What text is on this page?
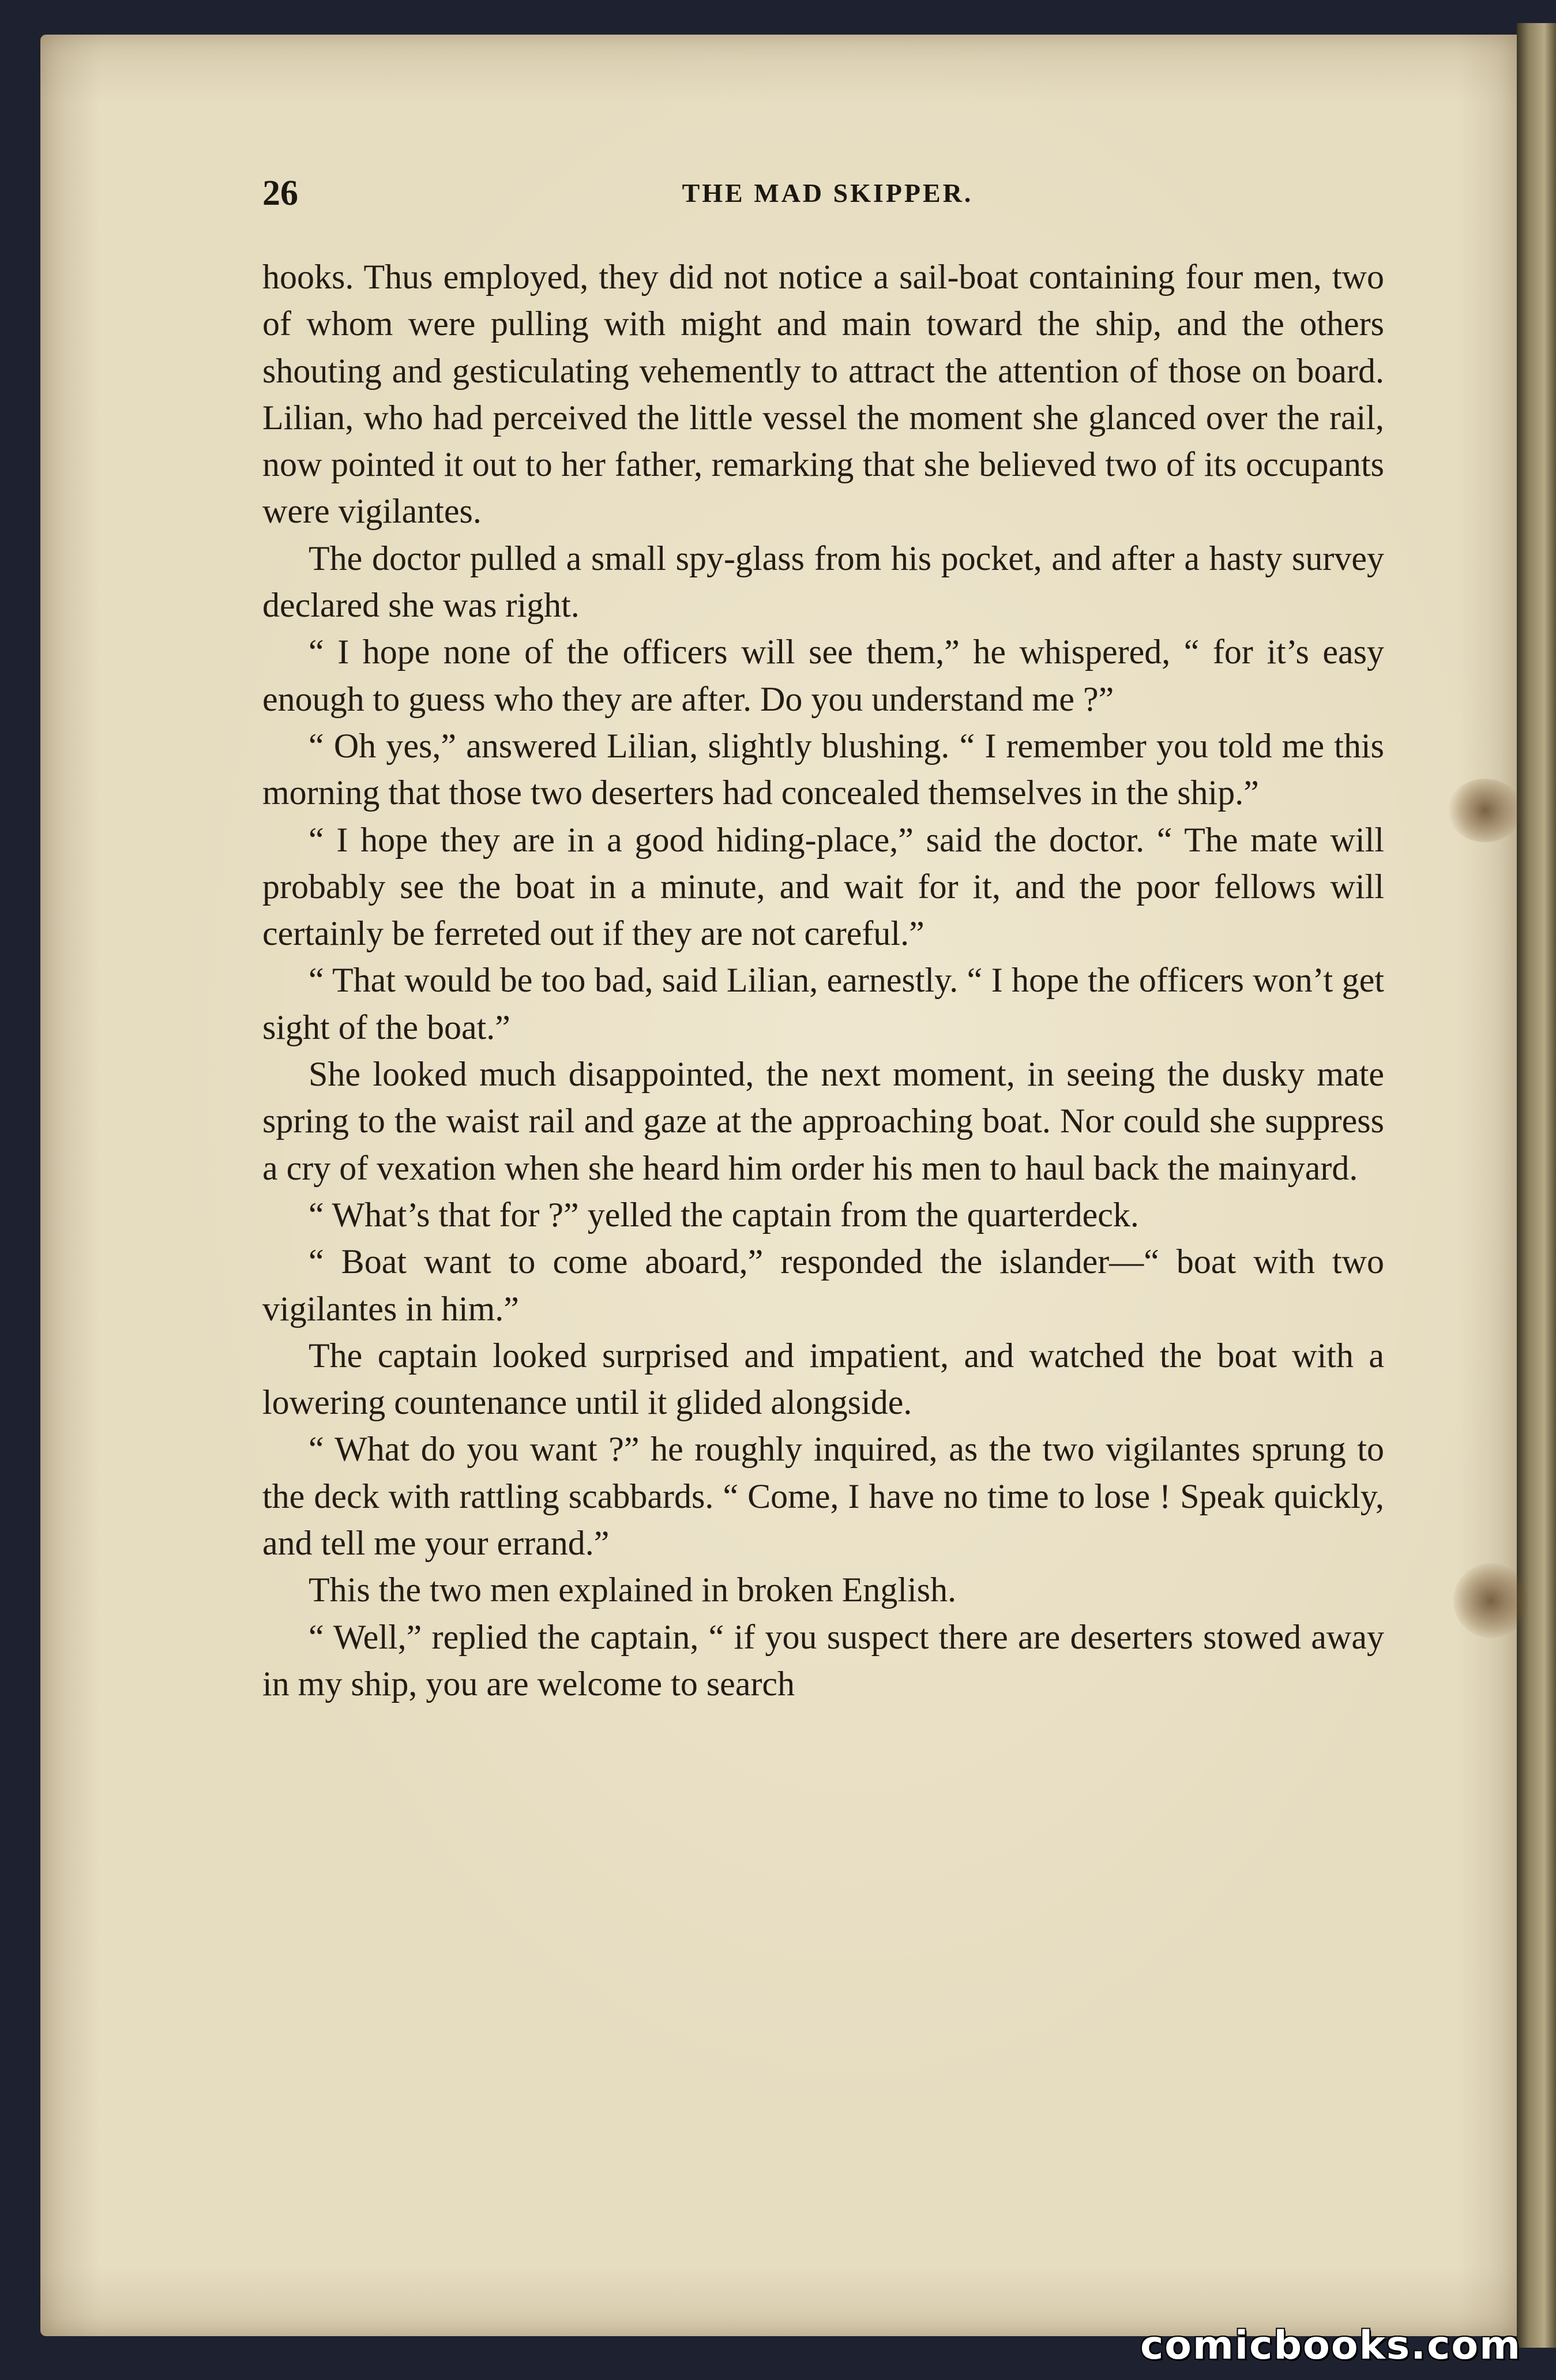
26	THE MAD SKIPPER.

hooks. Thus employed, they did not notice a sail-boat containing four men, two of whom were pulling with might and main toward the ship, and the others shouting and gesticulating vehemently to attract the attention of those on board. Lilian, who had perceived the little vessel the moment she glanced over the rail, now pointed it out to her father, remarking that she believed two of its occupants were vigilantes.

The doctor pulled a small spy-glass from his pocket, and after a hasty survey declared she was right.

“ I hope none of the officers will see them,” he whispered, “ for it’s easy enough to guess who they are after. Do you understand me ?”

“ Oh yes,” answered Lilian, slightly blushing. “ I remember you told me this morning that those two deserters had concealed themselves in the ship.”

“ I hope they are in a good hiding-place,” said the doctor. “ The mate will probably see the boat in a minute, and wait for it, and the poor fellows will certainly be ferreted out if they are not careful.”

“ That would be too bad, said Lilian, earnestly. “ I hope the officers won’t get sight of the boat.”

She looked much disappointed, the next moment, in seeing the dusky mate spring to the waist rail and gaze at the approaching boat. Nor could she suppress a cry of vexation when she heard him order his men to haul back the mainyard.

“ What’s that for ?” yelled the captain from the quarterdeck.

“ Boat want to come aboard,” responded the islander—“ boat with two vigilantes in him.”

The captain looked surprised and impatient, and watched the boat with a lowering countenance until it glided alongside.

“ What do you want ?” he roughly inquired, as the two vigilantes sprung to the deck with rattling scabbards. “ Come, I have no time to lose ! Speak quickly, and tell me your errand.”

This the two men explained in broken English.

“ Well,” replied the captain, “ if you suspect there are deserters stowed away in my ship, you are welcome to search

comicbooks.com
